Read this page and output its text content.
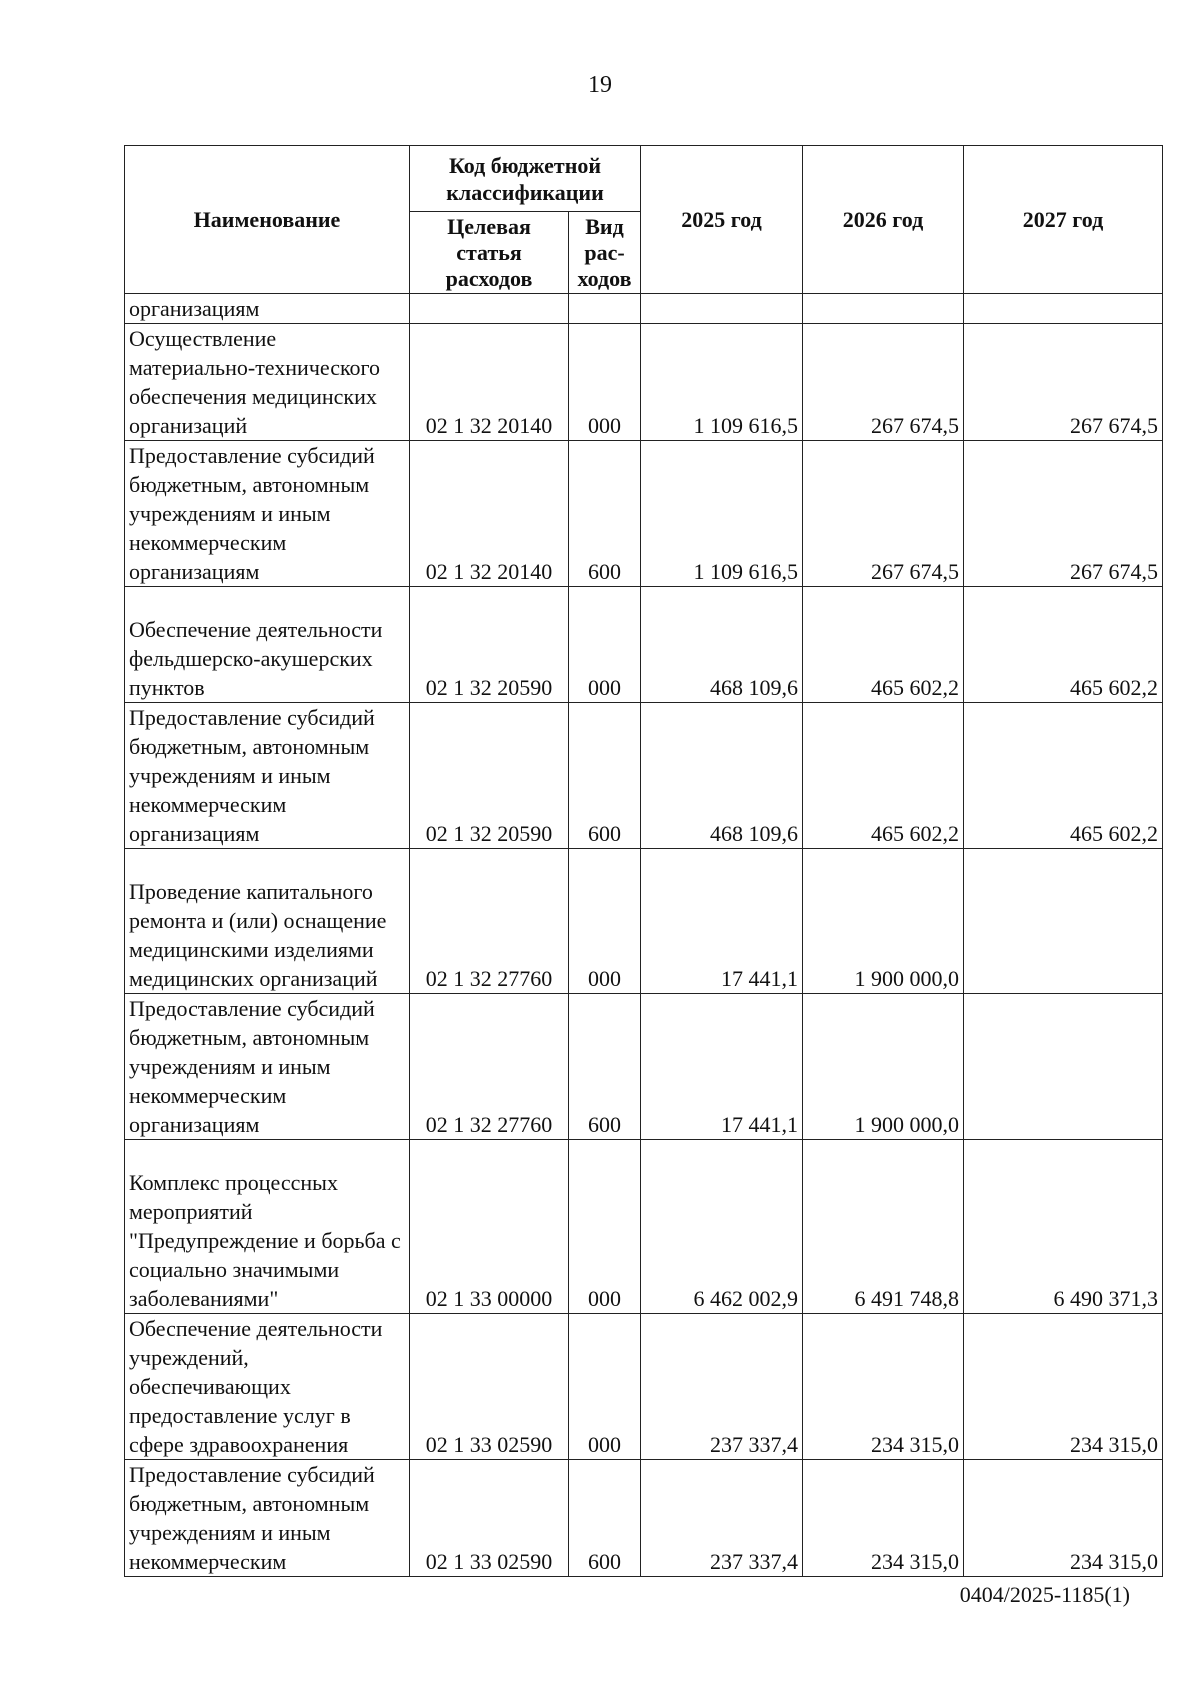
19
Наименование	Код бюджетной классификации		2025 год	2026 год	2027 год
	Целевая статья расходов	Вид рас-ходов			
организациям					
Осуществление материально-технического обеспечения медицинских организаций	02 1 32 20140	000	1 109 616,5	267 674,5	267 674,5
Предоставление субсидий бюджетным, автономным учреждениям и иным некоммерческим организациям	02 1 32 20140	600	1 109 616,5	267 674,5	267 674,5
Обеспечение деятельности фельдшерско-акушерских пунктов	02 1 32 20590	000	468 109,6	465 602,2	465 602,2
Предоставление субсидий бюджетным, автономным учреждениям и иным некоммерческим организациям	02 1 32 20590	600	468 109,6	465 602,2	465 602,2
Проведение капитального ремонта и (или) оснащение медицинскими изделиями медицинских организаций	02 1 32 27760	000	17 441,1	1 900 000,0	
Предоставление субсидий бюджетным, автономным учреждениям и иным некоммерческим организациям	02 1 32 27760	600	17 441,1	1 900 000,0	
Комплекс процессных мероприятий "Предупреждение и борьба с социально значимыми заболеваниями"	02 1 33 00000	000	6 462 002,9	6 491 748,8	6 490 371,3
Обеспечение деятельности учреждений, обеспечивающих предоставление услуг в сфере здравоохранения	02 1 33 02590	000	237 337,4	234 315,0	234 315,0
Предоставление субсидий бюджетным, автономным учреждениям и иным некоммерческим	02 1 33 02590	600	237 337,4	234 315,0	234 315,0
0404/2025-1185(1)
